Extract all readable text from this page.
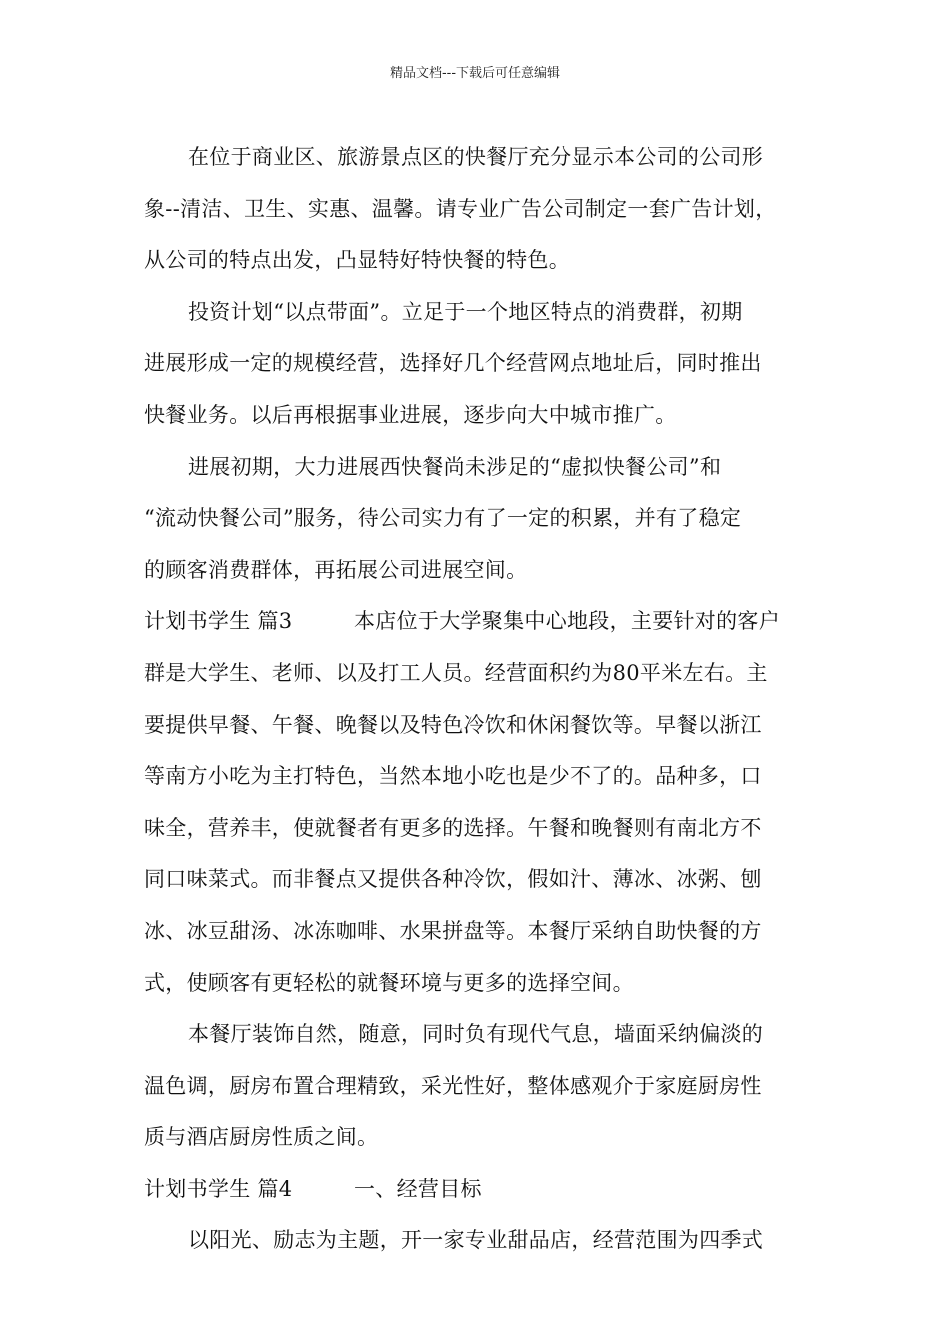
精品文档---下载后可任意编辑

在位于商业区、旅游景点区的快餐厅充分显示本公司的公司形

象--清洁、卫生、实惠、温馨。请专业广告公司制定一套广告计划，
从公司的特点出发，凸显特好特快餐的特色。

投资计划“以点带面”。立足于一个地区特点的消费群，初期

进展形成一定的规模经营，选择好几个经营网点地址后，同时推出
快餐业务。以后再根据事业进展，逐步向大中城市推广。

进展初期，大力进展西快餐尚未涉足的“虚拟快餐公司”和

“流动快餐公司”服务，待公司实力有了一定的积累，并有了稳定
的顾客消费群体，再拓展公司进展空间。

计划书学生 篇3	本店位于大学聚集中心地段，主要针对的客户
群是大学生、老师、以及打工人员。经营面积约为80平米左右。主
要提供早餐、午餐、晚餐以及特色冷饮和休闲餐饮等。早餐以浙江
等南方小吃为主打特色，当然本地小吃也是少不了的。品种多，口
味全，营养丰，使就餐者有更多的选择。午餐和晚餐则有南北方不
同口味菜式。而非餐点又提供各种冷饮，假如汁、薄冰、冰粥、刨
冰、冰豆甜汤、冰冻咖啡、水果拼盘等。本餐厅采纳自助快餐的方
式，使顾客有更轻松的就餐环境与更多的选择空间。

本餐厅装饰自然，随意，同时负有现代气息，墙面采纳偏淡的

温色调，厨房布置合理精致，采光性好，整体感观介于家庭厨房性
质与酒店厨房性质之间。

计划书学生 篇4	一、经营目标

以阳光、励志为主题，开一家专业甜品店，经营范围为四季式
